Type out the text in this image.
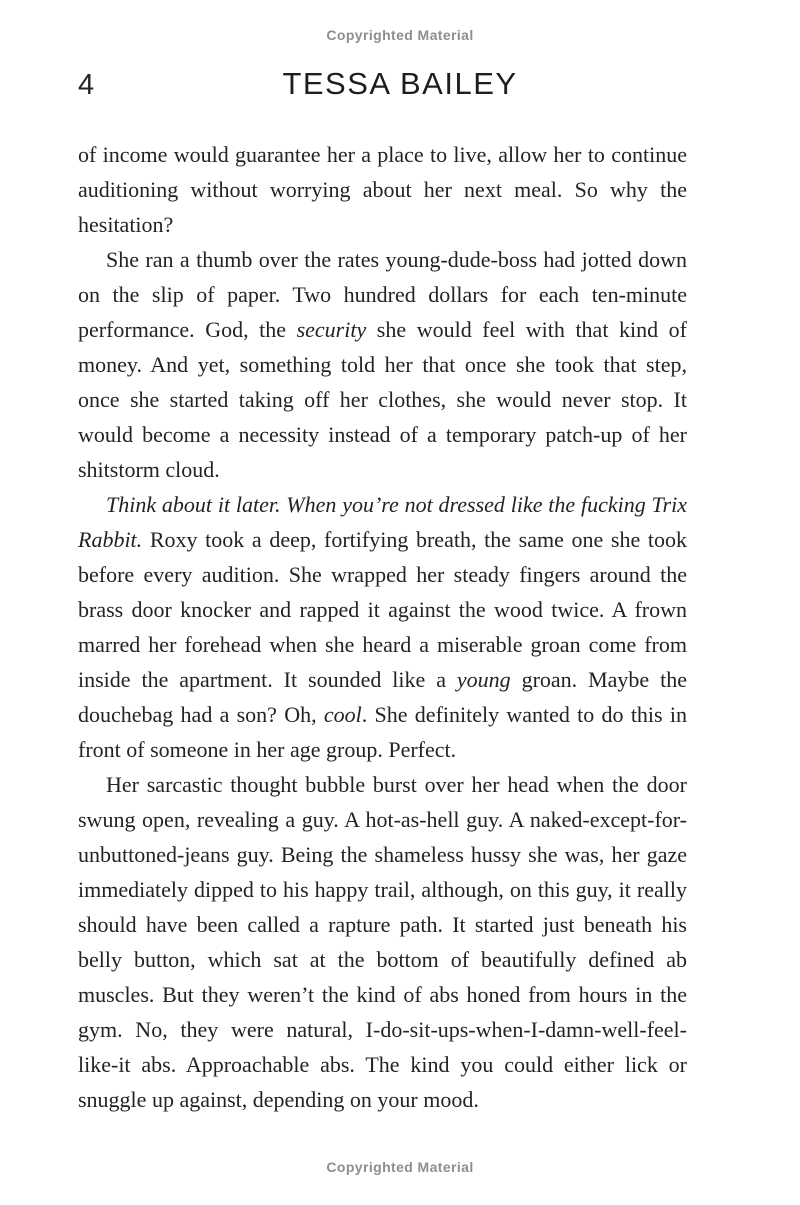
Copyrighted Material
4	TESSA BAILEY

of income would guarantee her a place to live, allow her to continue auditioning without worrying about her next meal. So why the hesitation?

She ran a thumb over the rates young-dude-boss had jotted down on the slip of paper. Two hundred dollars for each ten-minute performance. God, the security she would feel with that kind of money. And yet, something told her that once she took that step, once she started taking off her clothes, she would never stop. It would become a necessity instead of a temporary patch-up of her shitstorm cloud.

Think about it later. When you’re not dressed like the fucking Trix Rabbit. Roxy took a deep, fortifying breath, the same one she took before every audition. She wrapped her steady fingers around the brass door knocker and rapped it against the wood twice. A frown marred her forehead when she heard a miserable groan come from inside the apartment. It sounded like a young groan. Maybe the douchebag had a son? Oh, cool. She definitely wanted to do this in front of someone in her age group. Perfect.

Her sarcastic thought bubble burst over her head when the door swung open, revealing a guy. A hot-as-hell guy. A naked-except-for-unbuttoned-jeans guy. Being the shameless hussy she was, her gaze immediately dipped to his happy trail, although, on this guy, it really should have been called a rapture path. It started just beneath his belly button, which sat at the bottom of beautifully defined ab muscles. But they weren’t the kind of abs honed from hours in the gym. No, they were natural, I-do-sit-ups-when-I-damn-well-feel-like-it abs. Approachable abs. The kind you could either lick or snuggle up against, depending on your mood.

Copyrighted Material
